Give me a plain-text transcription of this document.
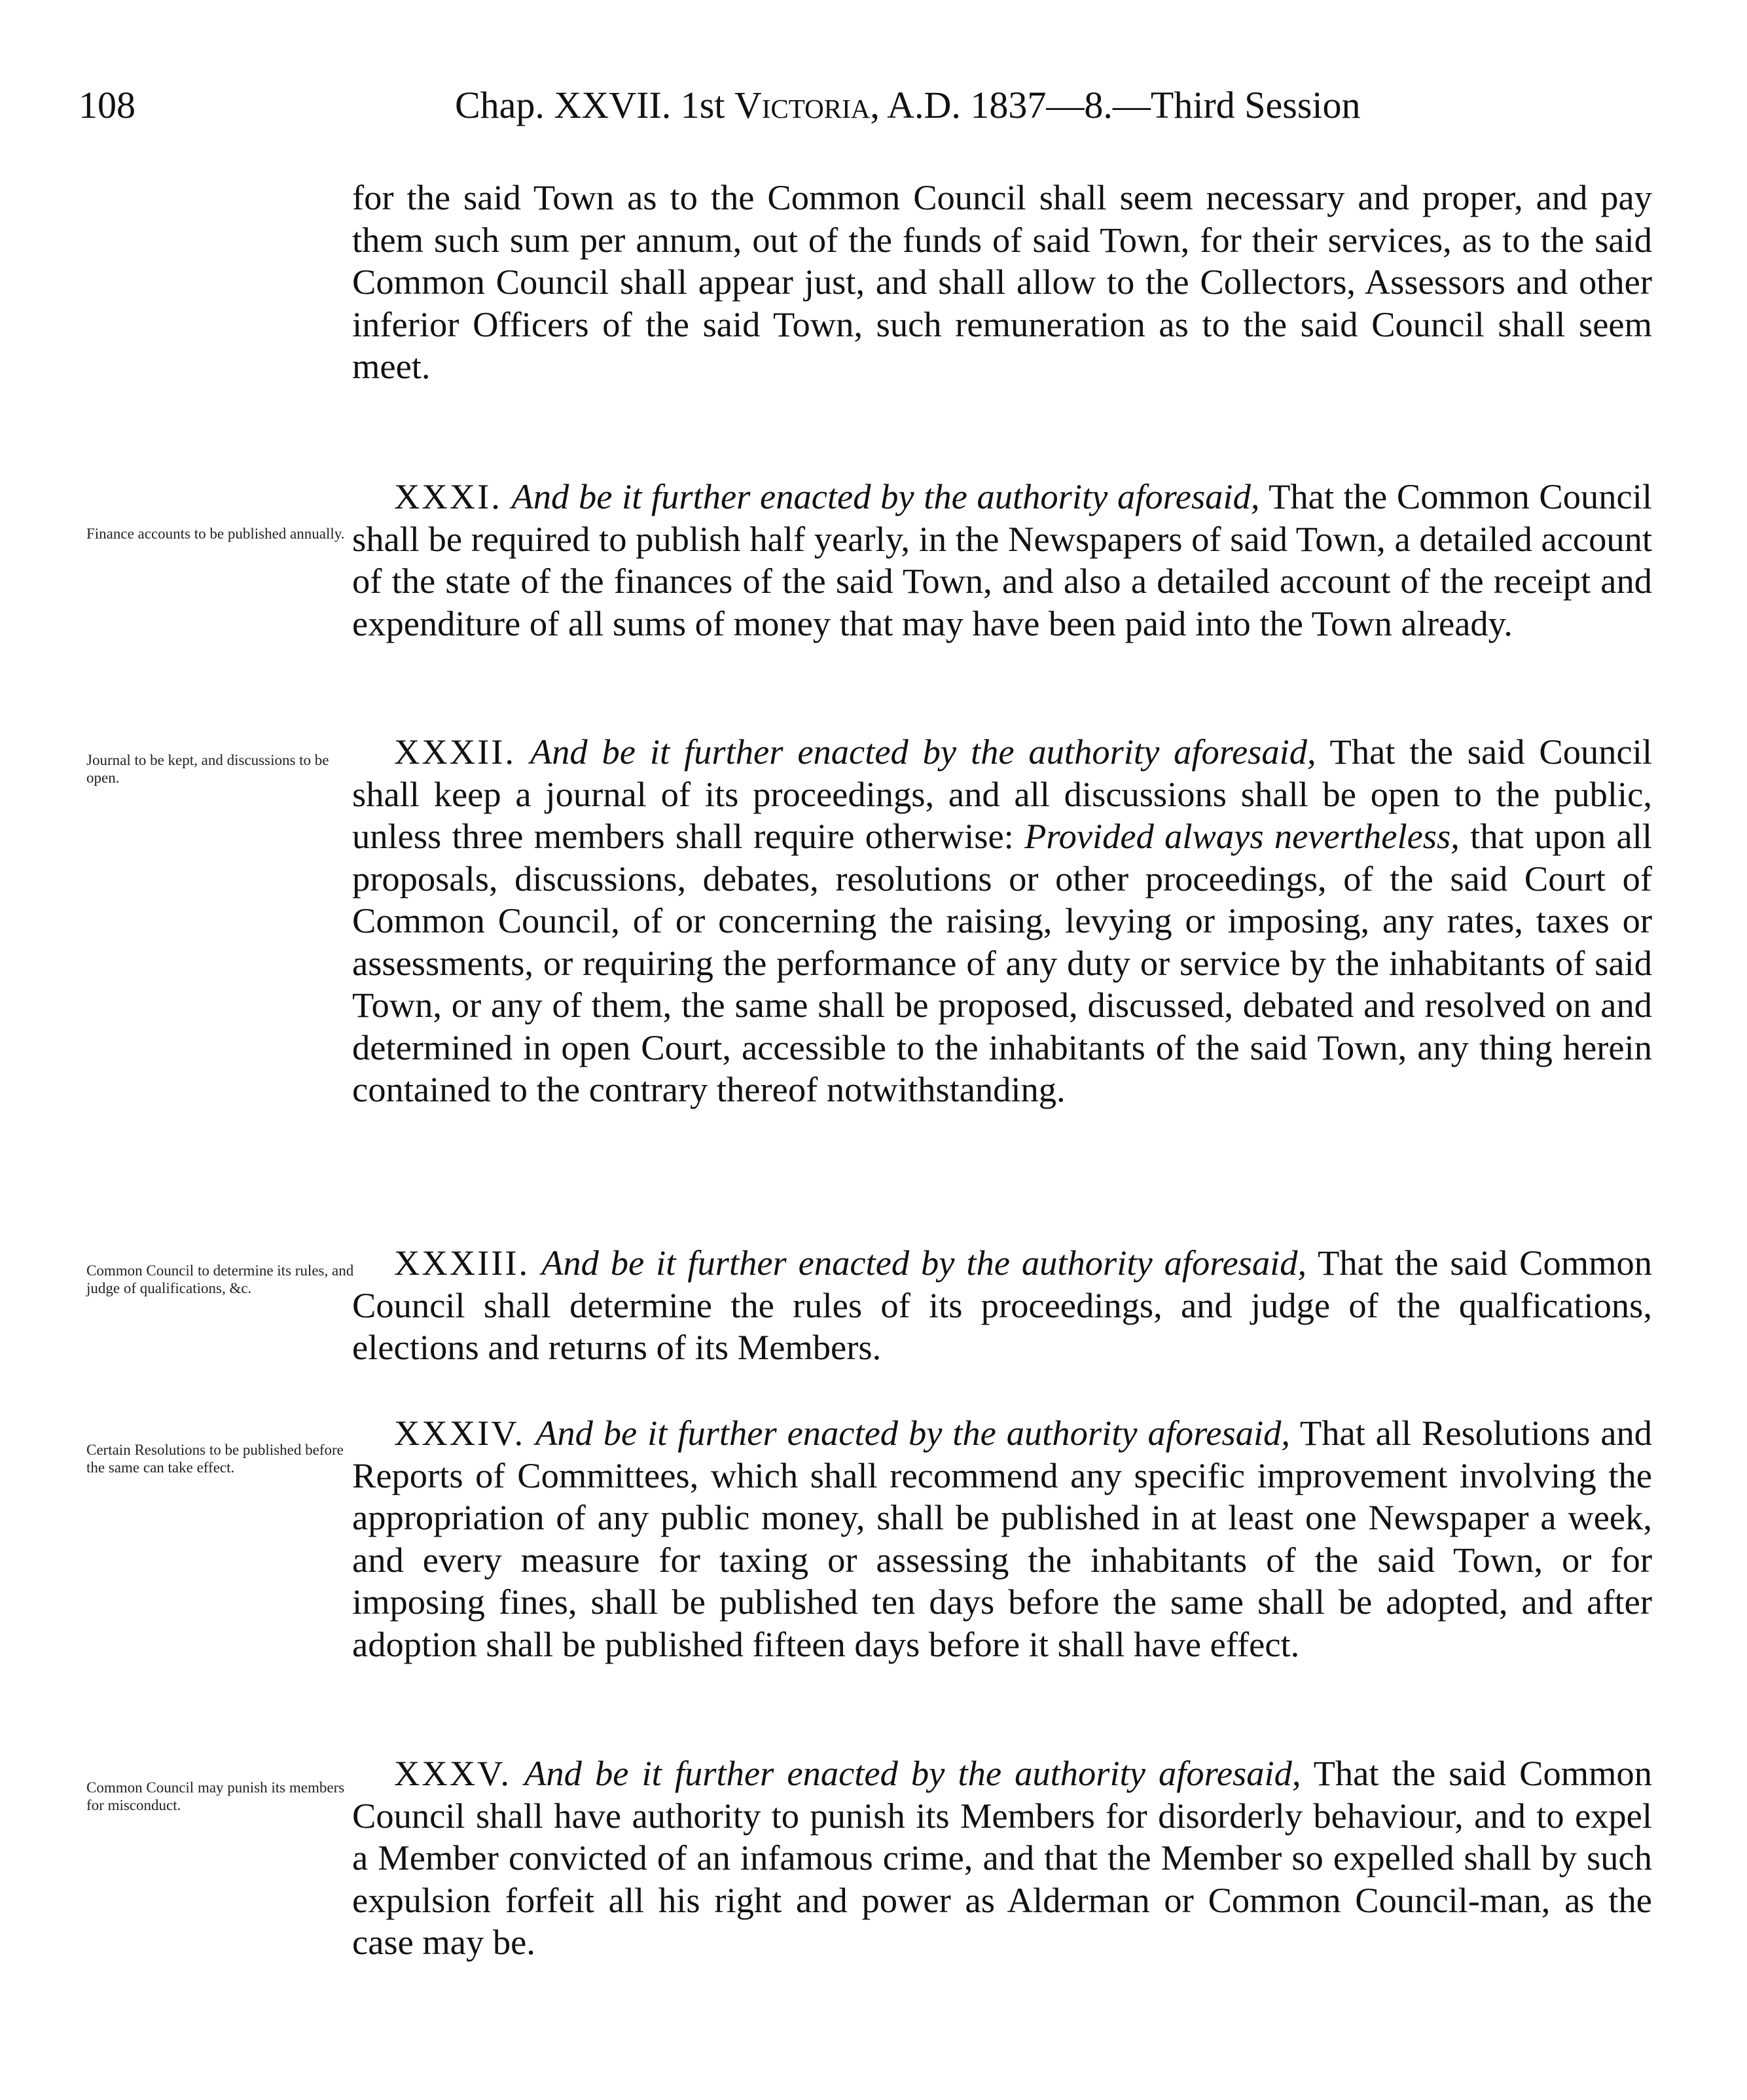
108	Chap. XXVII. 1st Victoria, A.D. 1837—8.—Third Session

for the said Town as to the Common Council shall seem necessary and proper, and pay them such sum per annum, out of the funds of said Town, for their services, as to the said Common Council shall appear just, and shall allow to the Collectors, Assessors and other inferior Officers of the said Town, such remuneration as to the said Council shall seem meet.

Finance accounts to be published annually.

XXXI. And be it further enacted by the authority aforesaid, That the Common Council shall be required to publish half yearly, in the Newspapers of said Town, a detailed account of the state of the finances of the said Town, and also a detailed account of the receipt and expenditure of all sums of money that may have been paid into the Town already.

Journal to be kept, and discussions to be open.

XXXII. And be it further enacted by the authority aforesaid, That the said Council shall keep a journal of its proceedings, and all discussions shall be open to the public, unless three members shall require otherwise: Provided always nevertheless, that upon all proposals, discussions, debates, resolutions or other proceedings, of the said Court of Common Council, of or concerning the raising, levying or imposing, any rates, taxes or assessments, or requiring the performance of any duty or service by the inhabitants of said Town, or any of them, the same shall be proposed, discussed, debated and resolved on and determined in open Court, accessible to the inhabitants of the said Town, any thing herein contained to the contrary thereof notwithstanding.

Common Council to determine its rules, and judge of qualifications, &c.

XXXIII. And be it further enacted by the authority aforesaid, That the said Common Council shall determine the rules of its proceedings, and judge of the qualfications, elections and returns of its Members.

Certain Resolutions to be published before the same can take effect.

XXXIV. And be it further enacted by the authority aforesaid, That all Resolutions and Reports of Committees, which shall recommend any specific improvement involving the appropriation of any public money, shall be published in at least one Newspaper a week, and every measure for taxing or assessing the inhabitants of the said Town, or for imposing fines, shall be published ten days before the same shall be adopted, and after adoption shall be published fifteen days before it shall have effect.

Common Council may punish its members for misconduct.

XXXV. And be it further enacted by the authority aforesaid, That the said Common Council shall have authority to punish its Members for disorderly behaviour, and to expel a Member convicted of an infamous crime, and that the Member so expelled shall by such expulsion forfeit all his right and power as Alderman or Common Council-man, as the case may be.
